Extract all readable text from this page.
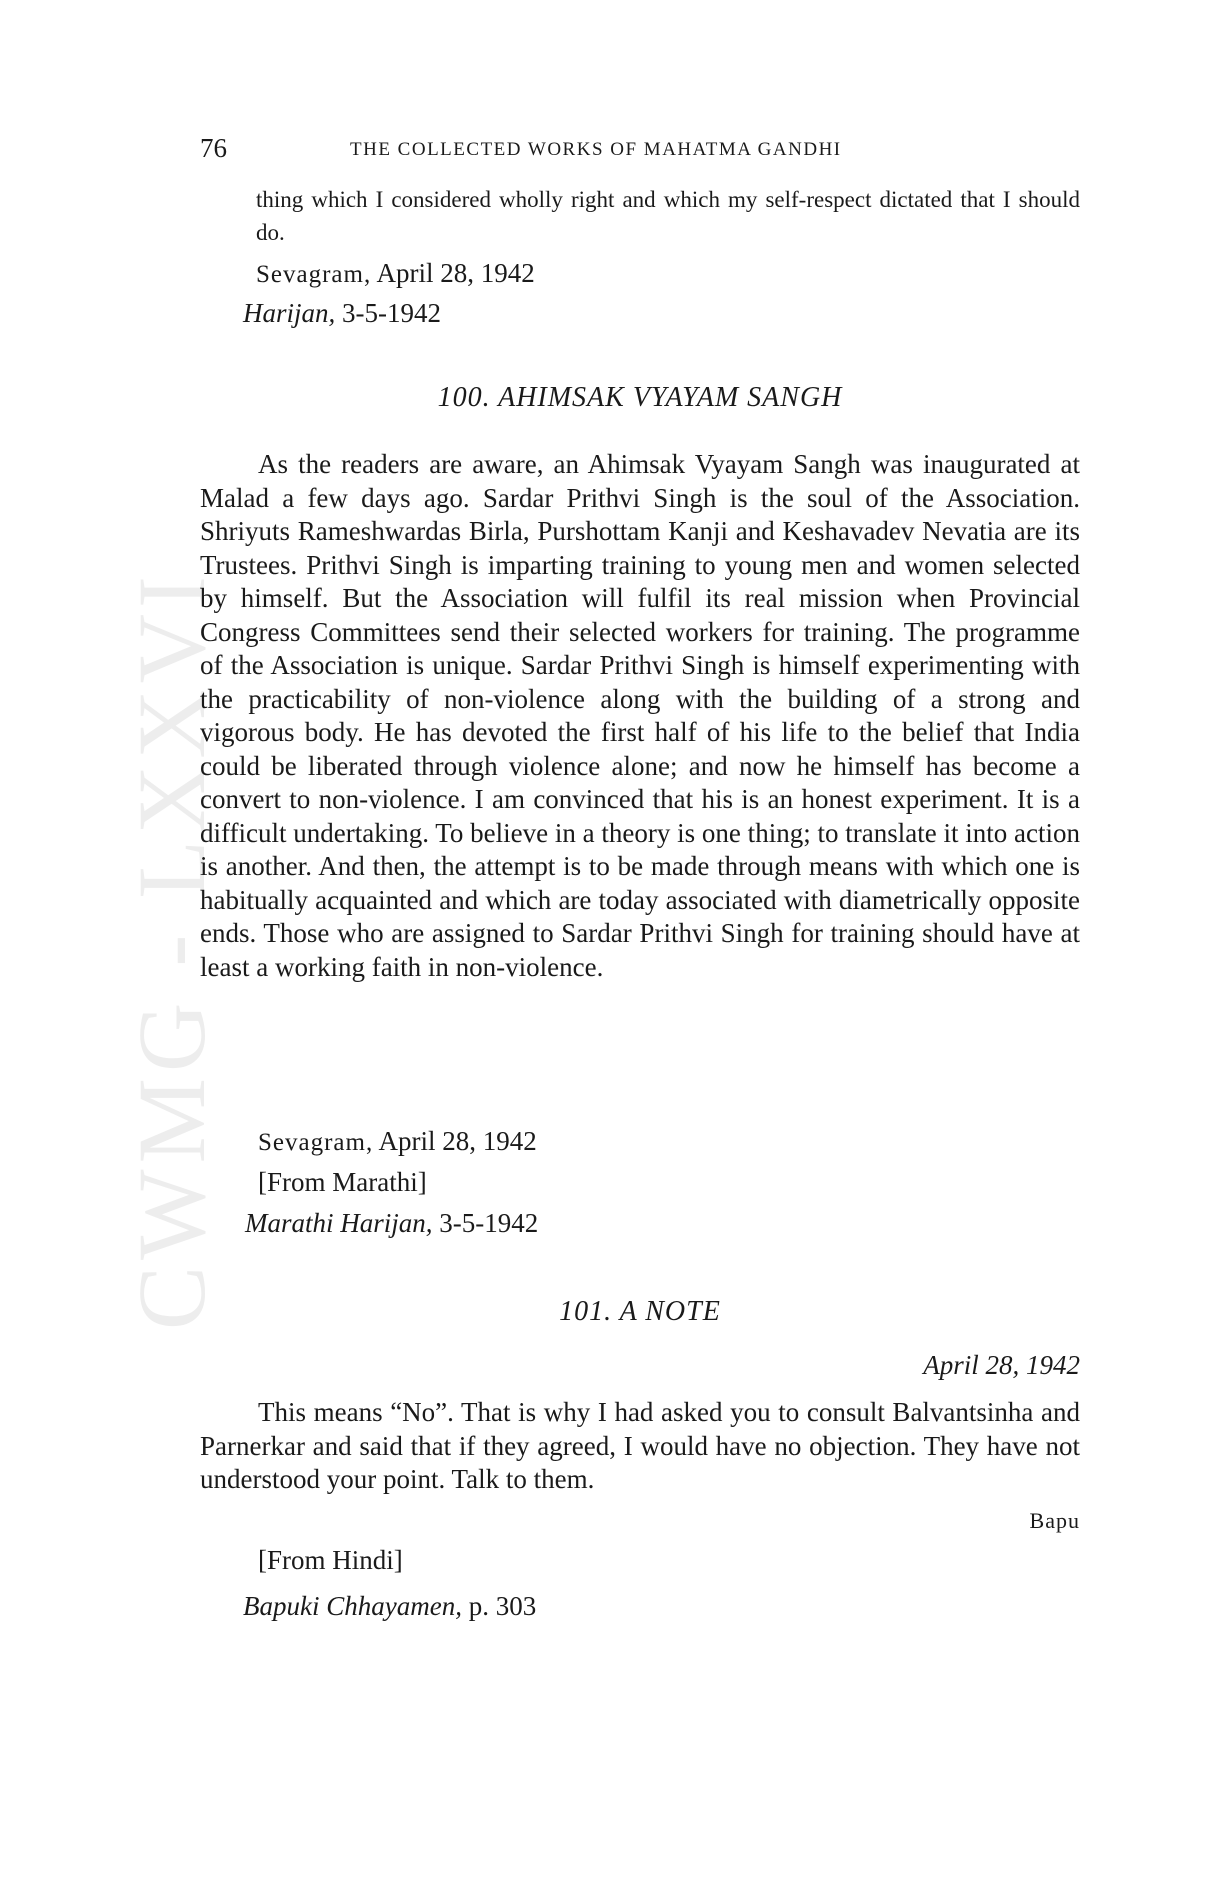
CWMG - LXXVI
76	THE COLLECTED WORKS OF MAHATMA GANDHI

thing which I considered wholly right and which my self-respect dictated that I should do.

Sevagram, April 28, 1942
Harijan, 3-5-1942
100. AHIMSAK VYAYAM SANGH

As the readers are aware, an Ahimsak Vyayam Sangh was inaugurated at Malad a few days ago. Sardar Prithvi Singh is the soul of the Association. Shriyuts Rameshwardas Birla, Purshottam Kanji and Keshavadev Nevatia are its Trustees. Prithvi Singh is imparting training to young men and women selected by himself. But the Association will fulfil its real mission when Provincial Congress Committees send their selected workers for training. The programme of the Association is unique. Sardar Prithvi Singh is himself experimenting with the practicability of non-violence along with the building of a strong and vigorous body. He has devoted the first half of his life to the belief that India could be liberated through violence alone; and now he himself has become a convert to non-violence. I am convinced that his is an honest experiment. It is a difficult undertaking. To believe in a theory is one thing; to translate it into action is another. And then, the attempt is to be made through means with which one is habitually acquainted and which are today associated with diametrically opposite ends. Those who are assigned to Sardar Prithvi Singh for training should have at least a working faith in non-violence.

Sevagram, April 28, 1942
[From Marathi]
Marathi Harijan, 3-5-1942
101. A NOTE
April 28, 1942

This means “No”. That is why I had asked you to consult Balvantsinha and Parnerkar and said that if they agreed, I would have no objection. They have not understood your point. Talk to them.

Bapu
[From Hindi]
Bapuki Chhayamen, p. 303
